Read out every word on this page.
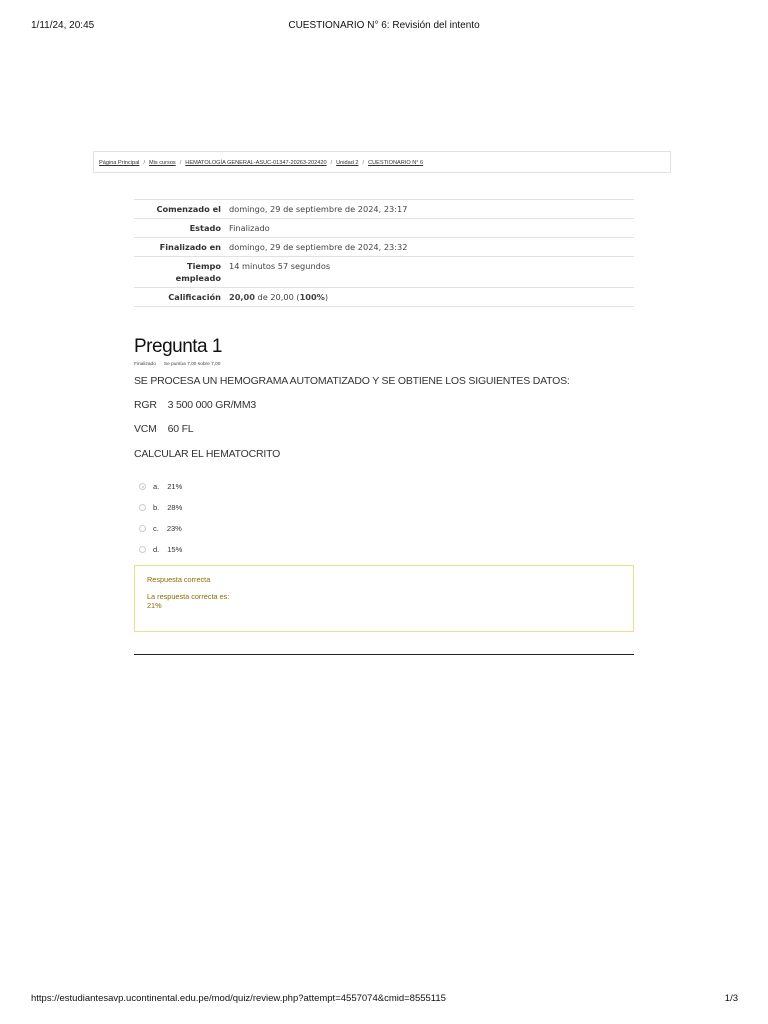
1/11/24, 20:45	CUESTIONARIO N° 6: Revisión del intento
Página Principal / Mis cursos / HEMATOLOGÍA GENERAL-ASUC-01347-20263-202420 / Unidad 2 / CUESTIONARIO N° 6
Comenzado el	domingo, 29 de septiembre de 2024, 23:17
Estado	Finalizado
Finalizado en	domingo, 29 de septiembre de 2024, 23:32
Tiempo
empleado	14 minutos 57 segundos
Calificación	20,00 de 20,00 (100%)
Pregunta 1
Finalizado Se puntúa 7,00 sobre 7,00
SE PROCESA UN HEMOGRAMA AUTOMATIZADO Y SE OBTIENE LOS SIGUIENTES DATOS:
RGR    3 500 000 GR/MM3
VCM    60 FL
CALCULAR EL HEMATOCRITO
a. 21%
b. 28%
c. 23%
d. 15%
Respuesta correcta
La respuesta correcta es:
21%
https://estudiantesavp.ucontinental.edu.pe/mod/quiz/review.php?attempt=4557074&cmid=8555115	1/3
